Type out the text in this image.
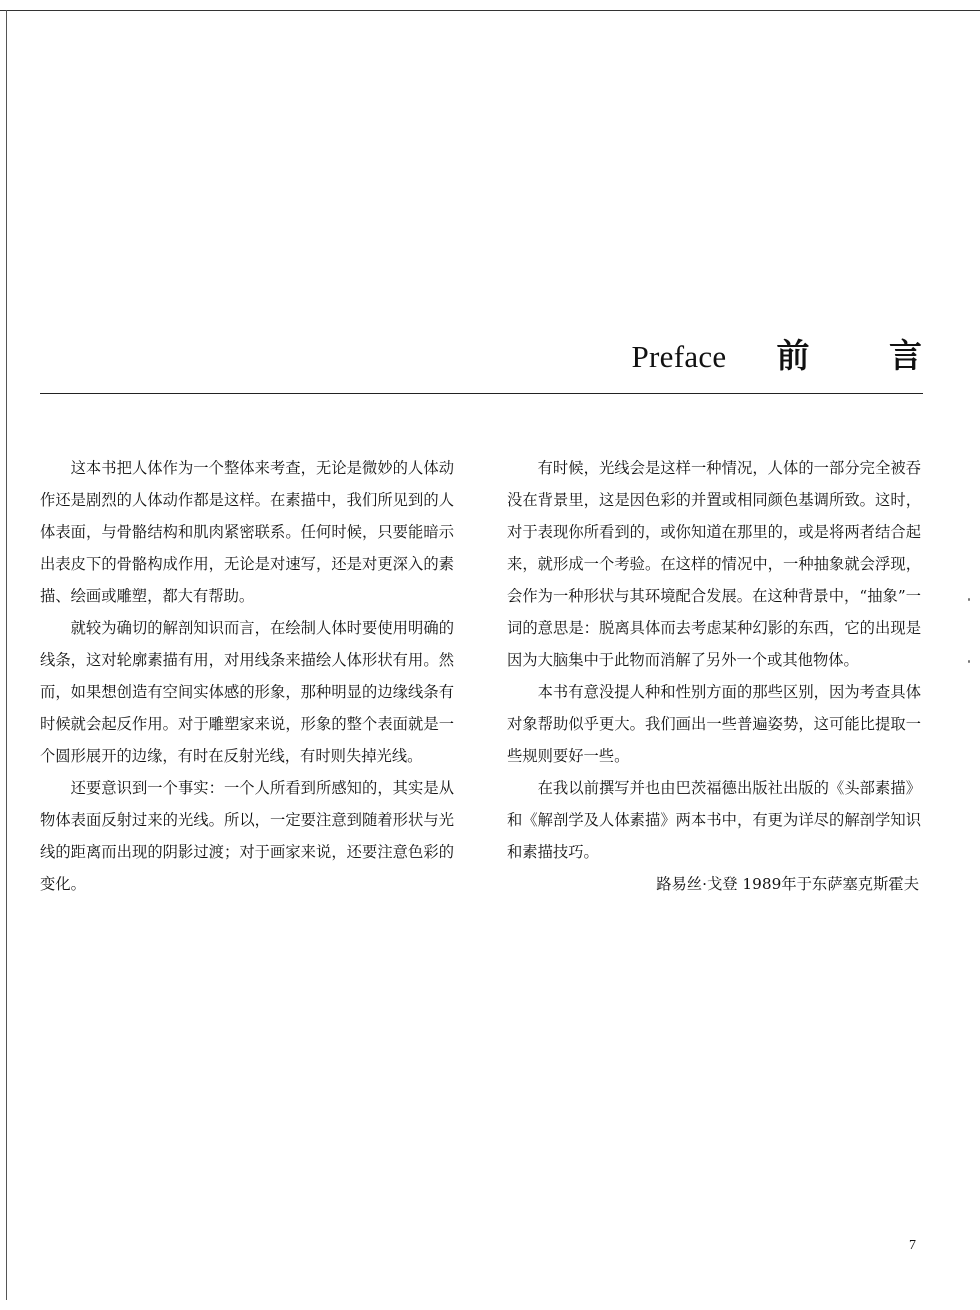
Preface 前 言

这本书把人体作为一个整体来考查，无论是微妙的人体动作还是剧烈的人体动作都是这样。在素描中，我们所见到的人体表面，与骨骼结构和肌肉紧密联系。任何时候，只要能暗示出表皮下的骨骼构成作用，无论是对速写，还是对更深入的素描、绘画或雕塑，都大有帮助。

就较为确切的解剖知识而言，在绘制人体时要使用明确的线条，这对轮廓素描有用，对用线条来描绘人体形状有用。然而，如果想创造有空间实体感的形象，那种明显的边缘线条有时候就会起反作用。对于雕塑家来说，形象的整个表面就是一个圆形展开的边缘，有时在反射光线，有时则失掉光线。

还要意识到一个事实：一个人所看到所感知的，其实是从物体表面反射过来的光线。所以，一定要注意到随着形状与光线的距离而出现的阴影过渡；对于画家来说，还要注意色彩的变化。

有时候，光线会是这样一种情况，人体的一部分完全被吞没在背景里，这是因色彩的并置或相同颜色基调所致。这时，对于表现你所看到的，或你知道在那里的，或是将两者结合起来，就形成一个考验。在这样的情况中，一种抽象就会浮现，会作为一种形状与其环境配合发展。在这种背景中，“抽象”一词的意思是：脱离具体而去考虑某种幻影的东西，它的出现是因为大脑集中于此物而消解了另外一个或其他物体。

本书有意没提人种和性别方面的那些区别，因为考查具体对象帮助似乎更大。我们画出一些普遍姿势，这可能比提取一些规则要好一些。

在我以前撰写并也由巴茨福德出版社出版的《头部素描》和《解剖学及人体素描》两本书中，有更为详尽的解剖学知识和素描技巧。

路易丝·戈登 1989年于东萨塞克斯霍夫

7
